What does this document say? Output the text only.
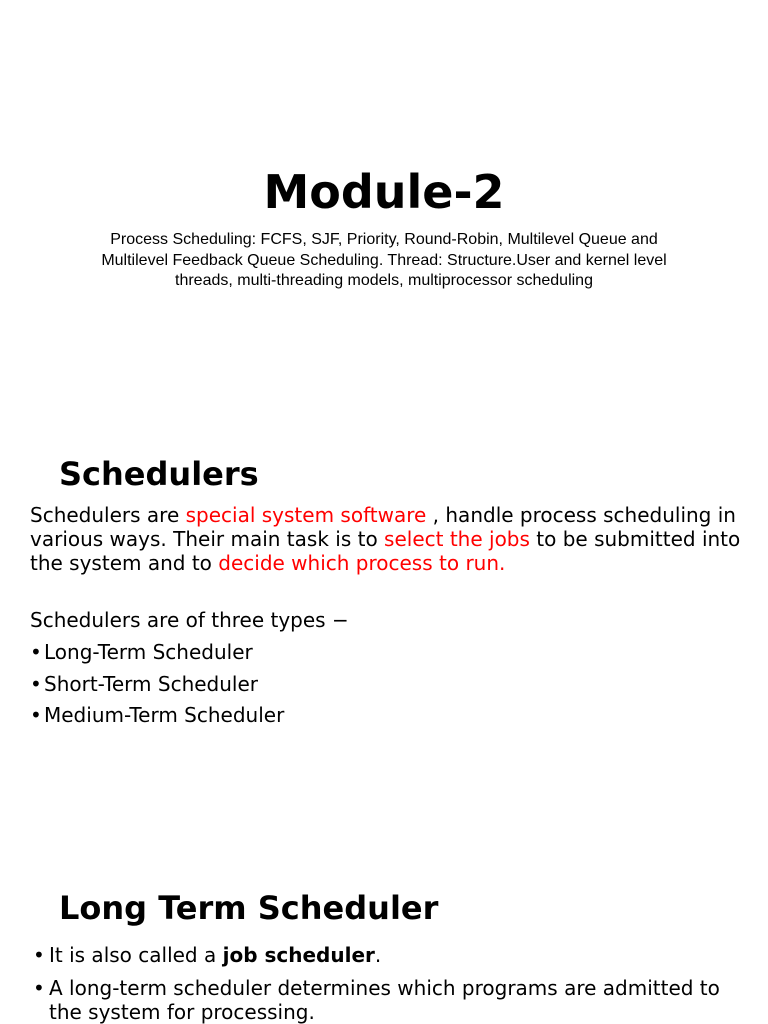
Module-2

Process Scheduling: FCFS, SJF, Priority, Round-Robin, Multilevel Queue and Multilevel Feedback Queue Scheduling. Thread: Structure.User and kernel level threads, multi-threading models, multiprocessor scheduling

Schedulers

Schedulers are special system software , handle process scheduling in various ways. Their main task is to select the jobs to be submitted into the system and to decide which process to run.

Schedulers are of three types −

• Long-Term Scheduler
• Short-Term Scheduler
• Medium-Term Scheduler
Long Term Scheduler
• It is also called a job scheduler.
• A long-term scheduler determines which programs are admitted to the system for processing.
